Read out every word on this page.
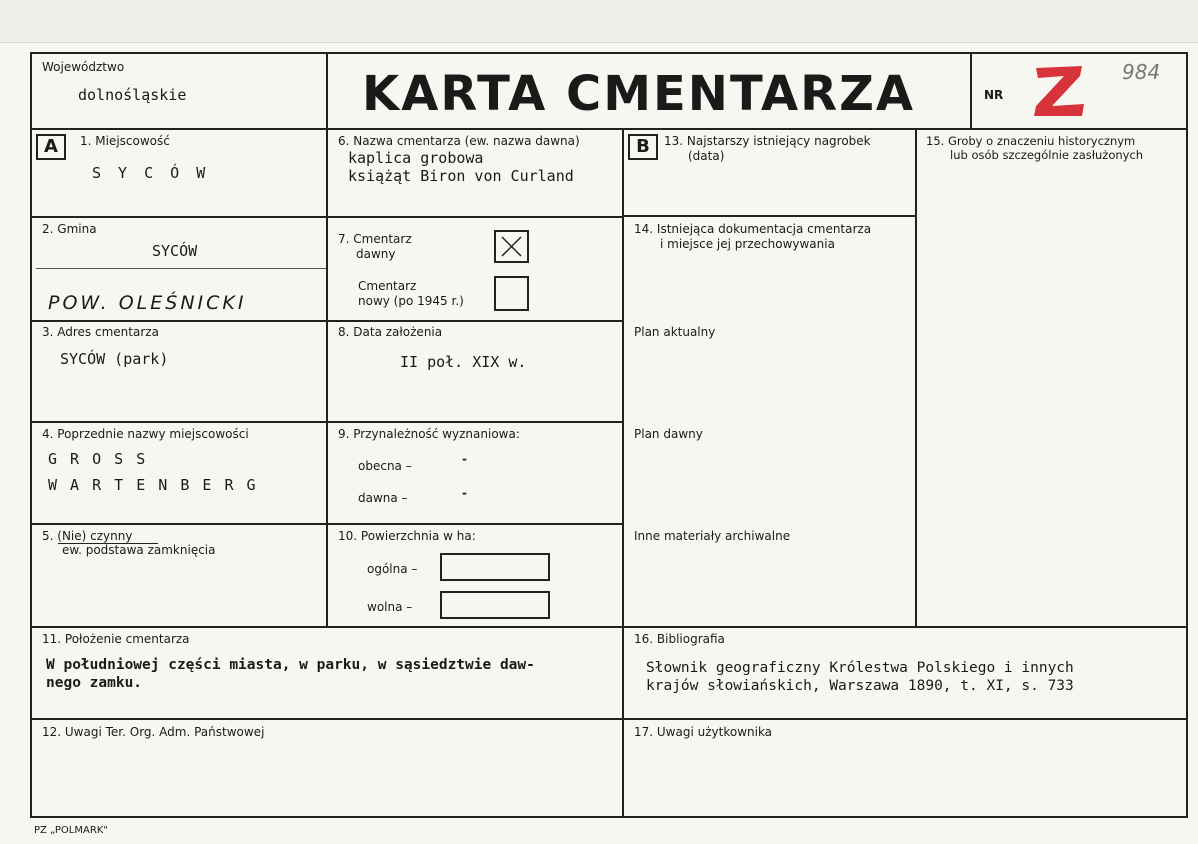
Województwo
dolnośląskie	KARTA CMENTARZA	NR
984
A	B
1. Miejscowość
S Y C Ó W
2. Gmina
SYCÓW
POW. OLEŚNICKI
3. Adres cmentarza
SYCÓW (park)
4. Poprzednie nazwy miejscowości
G R O S S
W A R T E N B E R G
5. (Nie) czynny
ew. podstawa zamknięcia
6. Nazwa cmentarza (ew. nazwa dawna)
kaplica grobowa
książąt Biron von Curland
7. Cmentarz
dawny
Cmentarz
nowy (po 1945 r.)
8. Data założenia
II poł. XIX w.
9. Przynależność wyznaniowa:
obecna –	-
dawna –	-
10. Powierzchnia w ha:
ogólna –
wolna –
11. Położenie cmentarza
W południowej części miasta, w parku, w sąsiedztwie daw-
nego zamku.
12. Uwagi Ter. Org. Adm. Państwowej
13. Najstarszy istniejący nagrobek
(data)
14. Istniejąca dokumentacja cmentarza
i miejsce jej przechowywania
Plan aktualny
Plan dawny
Inne materiały archiwalne
15. Groby o znaczeniu historycznym
lub osób szczególnie zasłużonych
16. Bibliografia
Słownik geograficzny Królestwa Polskiego i innych
krajów słowiańskich, Warszawa 1890, t. XI, s. 733
17. Uwagi użytkownika
PZ „POLMARK"
